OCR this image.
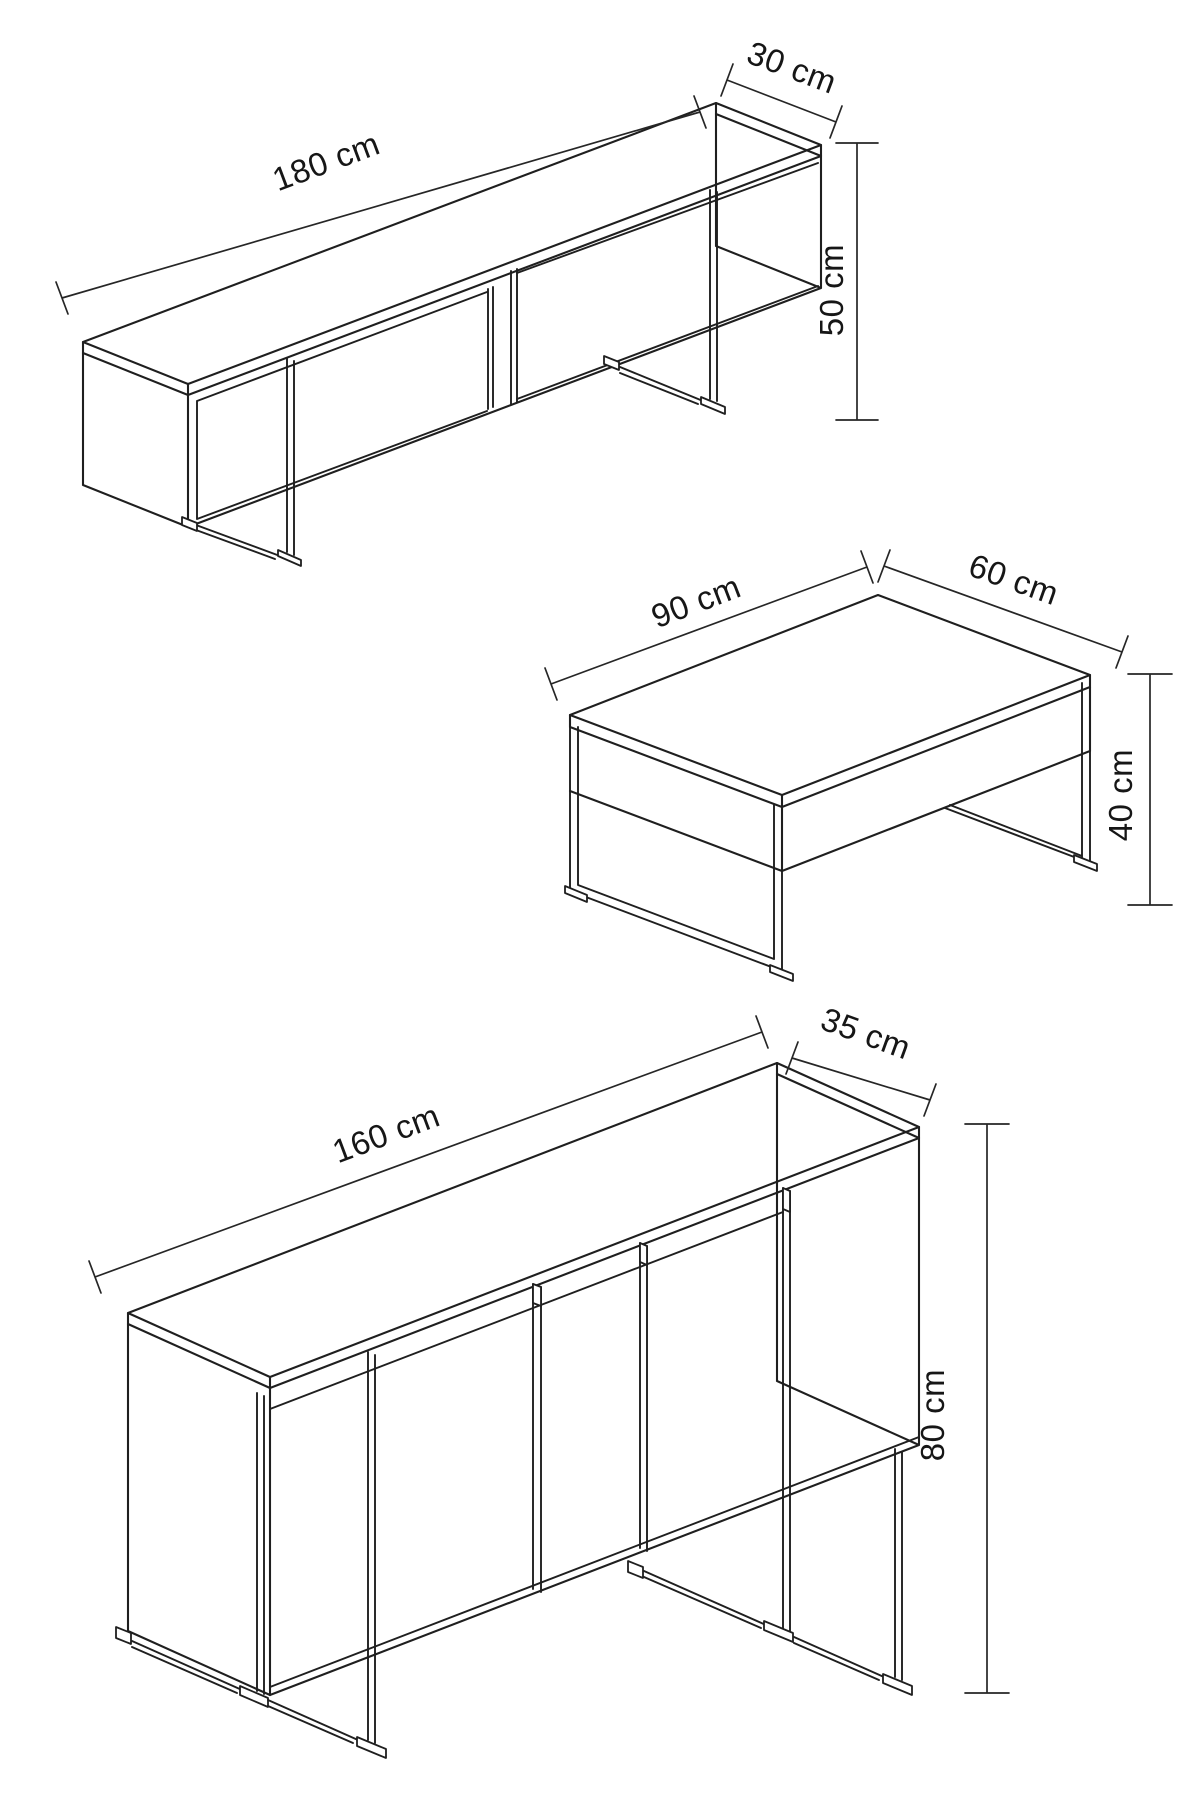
180 cm
30 cm
50 cm
90 cm	60 cm
40 cm
160 cm
35 cm
80 cm
